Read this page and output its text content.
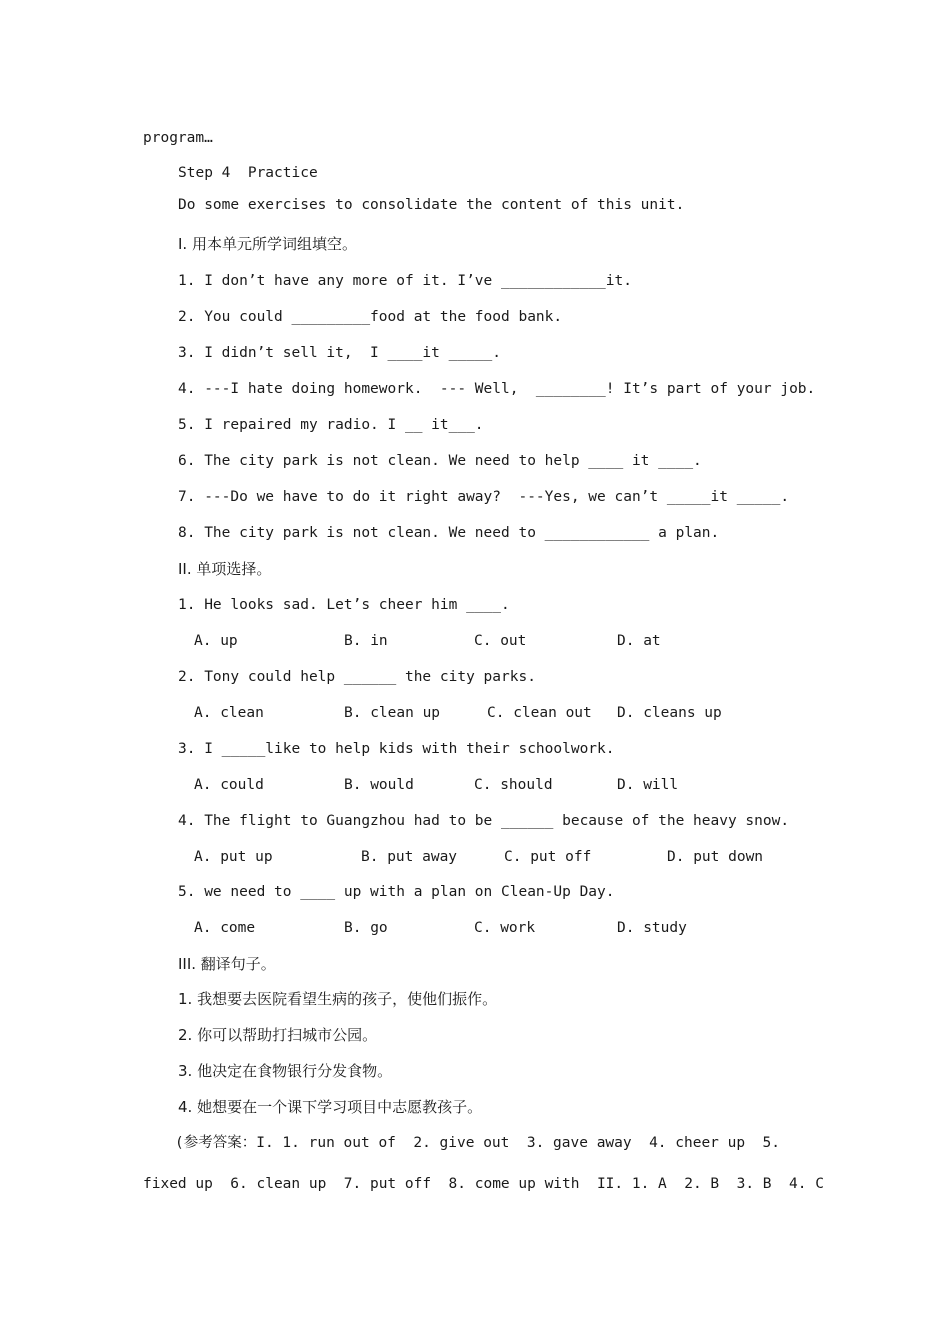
program…
Step 4  Practice
Do some exercises to consolidate the content of this unit.
I. 用本单元所学词组填空。
1. I don’t have any more of it. I’ve ____________it.
2. You could _________food at the food bank.
3. I didn’t sell it,  I ____it _____.
4. ---I hate doing homework.  --- Well,  ________! It’s part of your job.
5. I repaired my radio. I __ it___.
6. The city park is not clean. We need to help ____ it ____.
7. ---Do we have to do it right away?  ---Yes, we can’t _____it _____.
8. The city park is not clean. We need to ____________ a plan.
II. 单项选择。
1. He looks sad. Let’s cheer him ____.
A. up	B. in	C. out	D. at
2. Tony could help ______ the city parks.
A. clean	B. clean up	C. clean out D. cleans up
3. I _____like to help kids with their schoolwork.
A. could	B. would	C. should	D. will
4. The flight to Guangzhou had to be ______ because of the heavy snow.
A. put up	B. put away	C. put off	D. put down
5. we need to ____ up with a plan on Clean-Up Day.
A. come	B. go	C. work	D. study
III. 翻译句子。
1. 我想要去医院看望生病的孩子，使他们振作。
2. 你可以帮助打扫城市公园。
3. 他决定在食物银行分发食物。
4. 她想要在一个课下学习项目中志愿教孩子。
(参考答案：I. 1. run out of  2. give out  3. gave away  4. cheer up  5.
fixed up  6. clean up  7. put off  8. come up with  II. 1. A  2. B  3. B  4. C
